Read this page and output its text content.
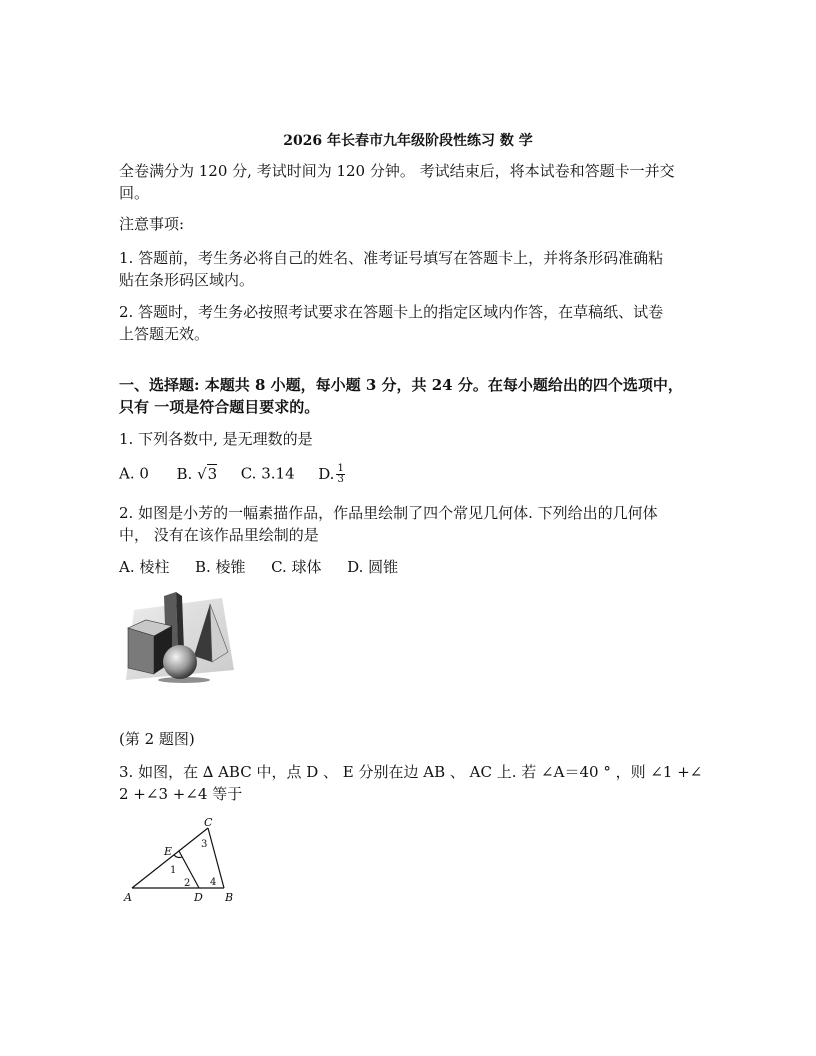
2026 年长春市九年级阶段性练习 数 学
全卷满分为 120 分, 考试时间为 120 分钟。 考试结束后，将本试卷和答题卡一并交
回。
注意事项:
1. 答题前，考生务必将自己的姓名、准考证号填写在答题卡上，并将条形码准确粘
贴在条形码区域内。
2. 答题时，考生务必按照考试要求在答题卡上的指定区域内作答，在草稿纸、试卷
上答题无效。
一、选择题: 本题共 8 小题，每小题 3 分，共 24 分。在每小题给出的四个选项中，
只有 一项是符合题目要求的。
1. 下列各数中, 是无理数的是
A. 0 B. √3 C. 3.14 D. $\frac{1}{3}$
2. 如图是小芳的一幅素描作品，作品里绘制了四个常见几何体. 下列给出的几何体
中， 没有在该作品里绘制的是
A. 棱柱 B. 棱锥 C. 球体 D. 圆锥
(第 2 题图)
3. 如图，在 ∆ ABC 中，点 D 、 E 分别在边 AB 、 AC 上. 若 ∠A＝40 ° ，则 ∠1 +∠
2 +∠3 +∠4 等于
C
E
A	D B
3
1
2 4
